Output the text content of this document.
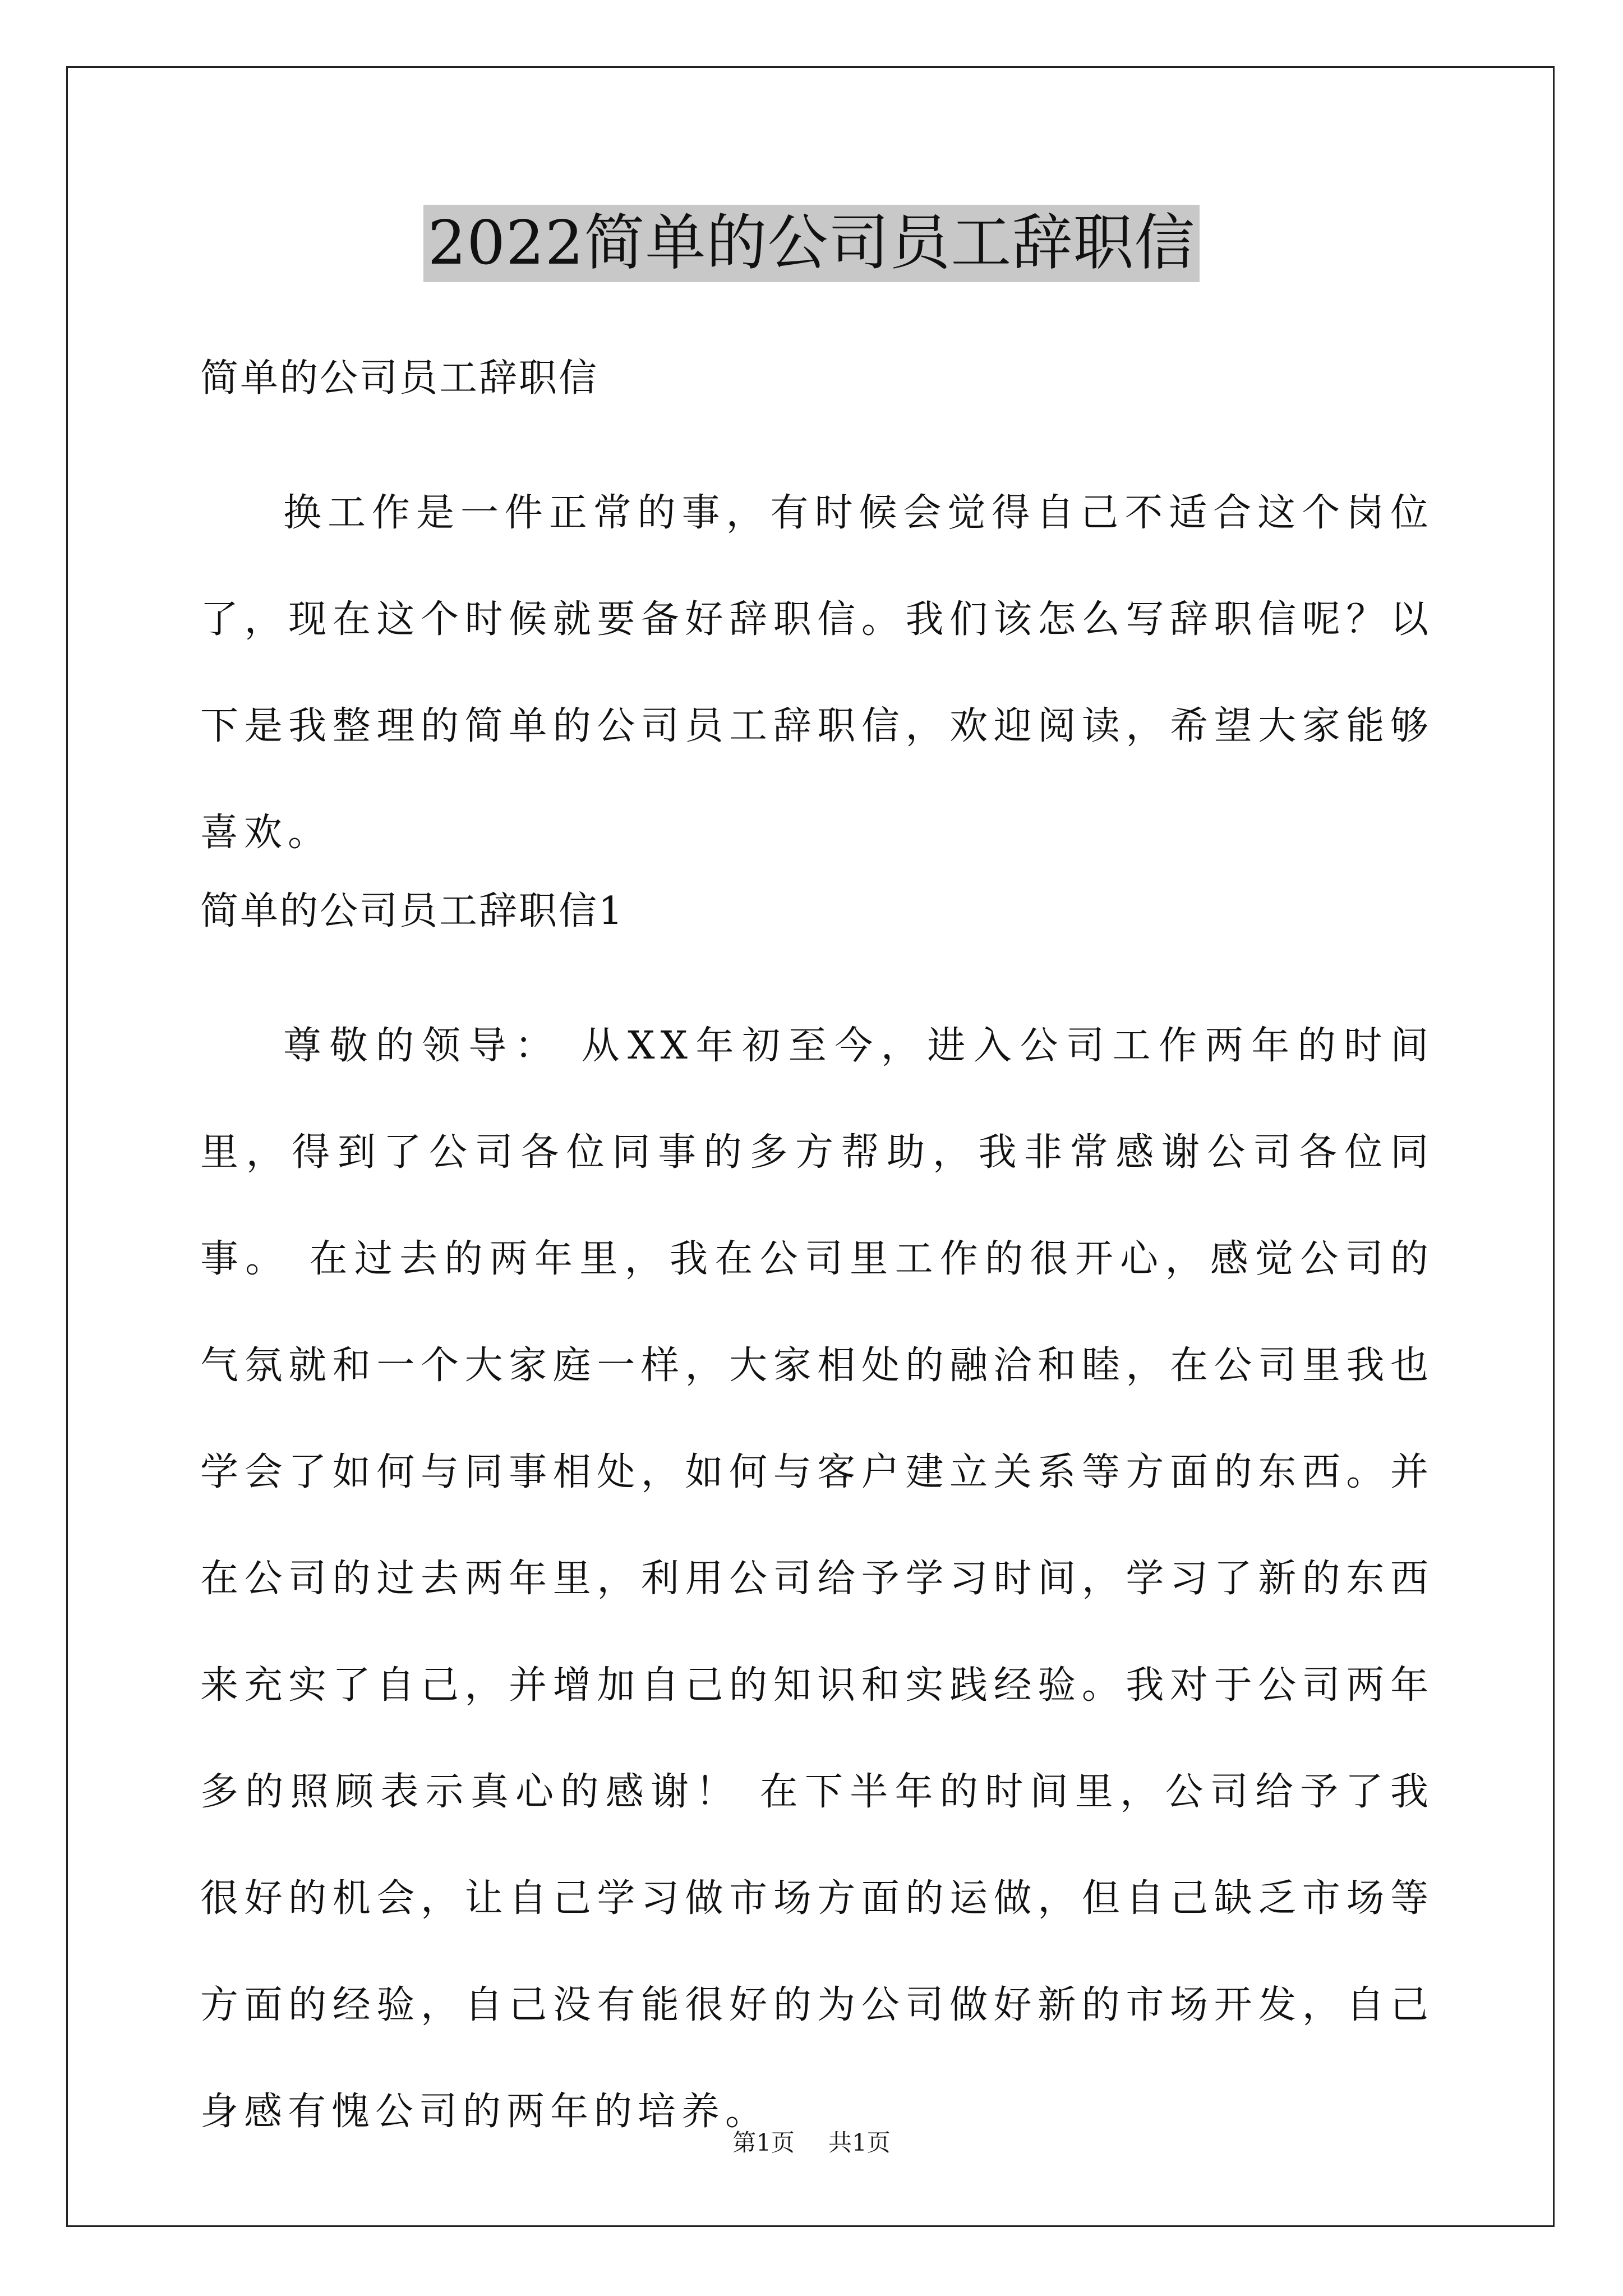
2022简单的公司员工辞职信
简单的公司员工辞职信
换工作是一件正常的事，有时候会觉得自己不适合这个岗位了，现在这个时候就要备好辞职信。我们该怎么写辞职信呢？以下是我整理的简单的公司员工辞职信，欢迎阅读，希望大家能够喜欢。
简单的公司员工辞职信1
尊敬的领导： 从XX年初至今，进入公司工作两年的时间里，得到了公司各位同事的多方帮助，我非常感谢公司各位同事。 在过去的两年里，我在公司里工作的很开心，感觉公司的气氛就和一个大家庭一样，大家相处的融洽和睦，在公司里我也学会了如何与同事相处，如何与客户建立关系等方面的东西。并在公司的过去两年里，利用公司给予学习时间，学习了新的东西来充实了自己，并增加自己的知识和实践经验。我对于公司两年多的照顾表示真心的感谢！ 在下半年的时间里，公司给予了我很好的机会，让自己学习做市场方面的运做，但自己缺乏市场等方面的经验，自己没有能很好的为公司做好新的市场开发，自己身感有愧公司的两年的培养。
第1页 共1页
